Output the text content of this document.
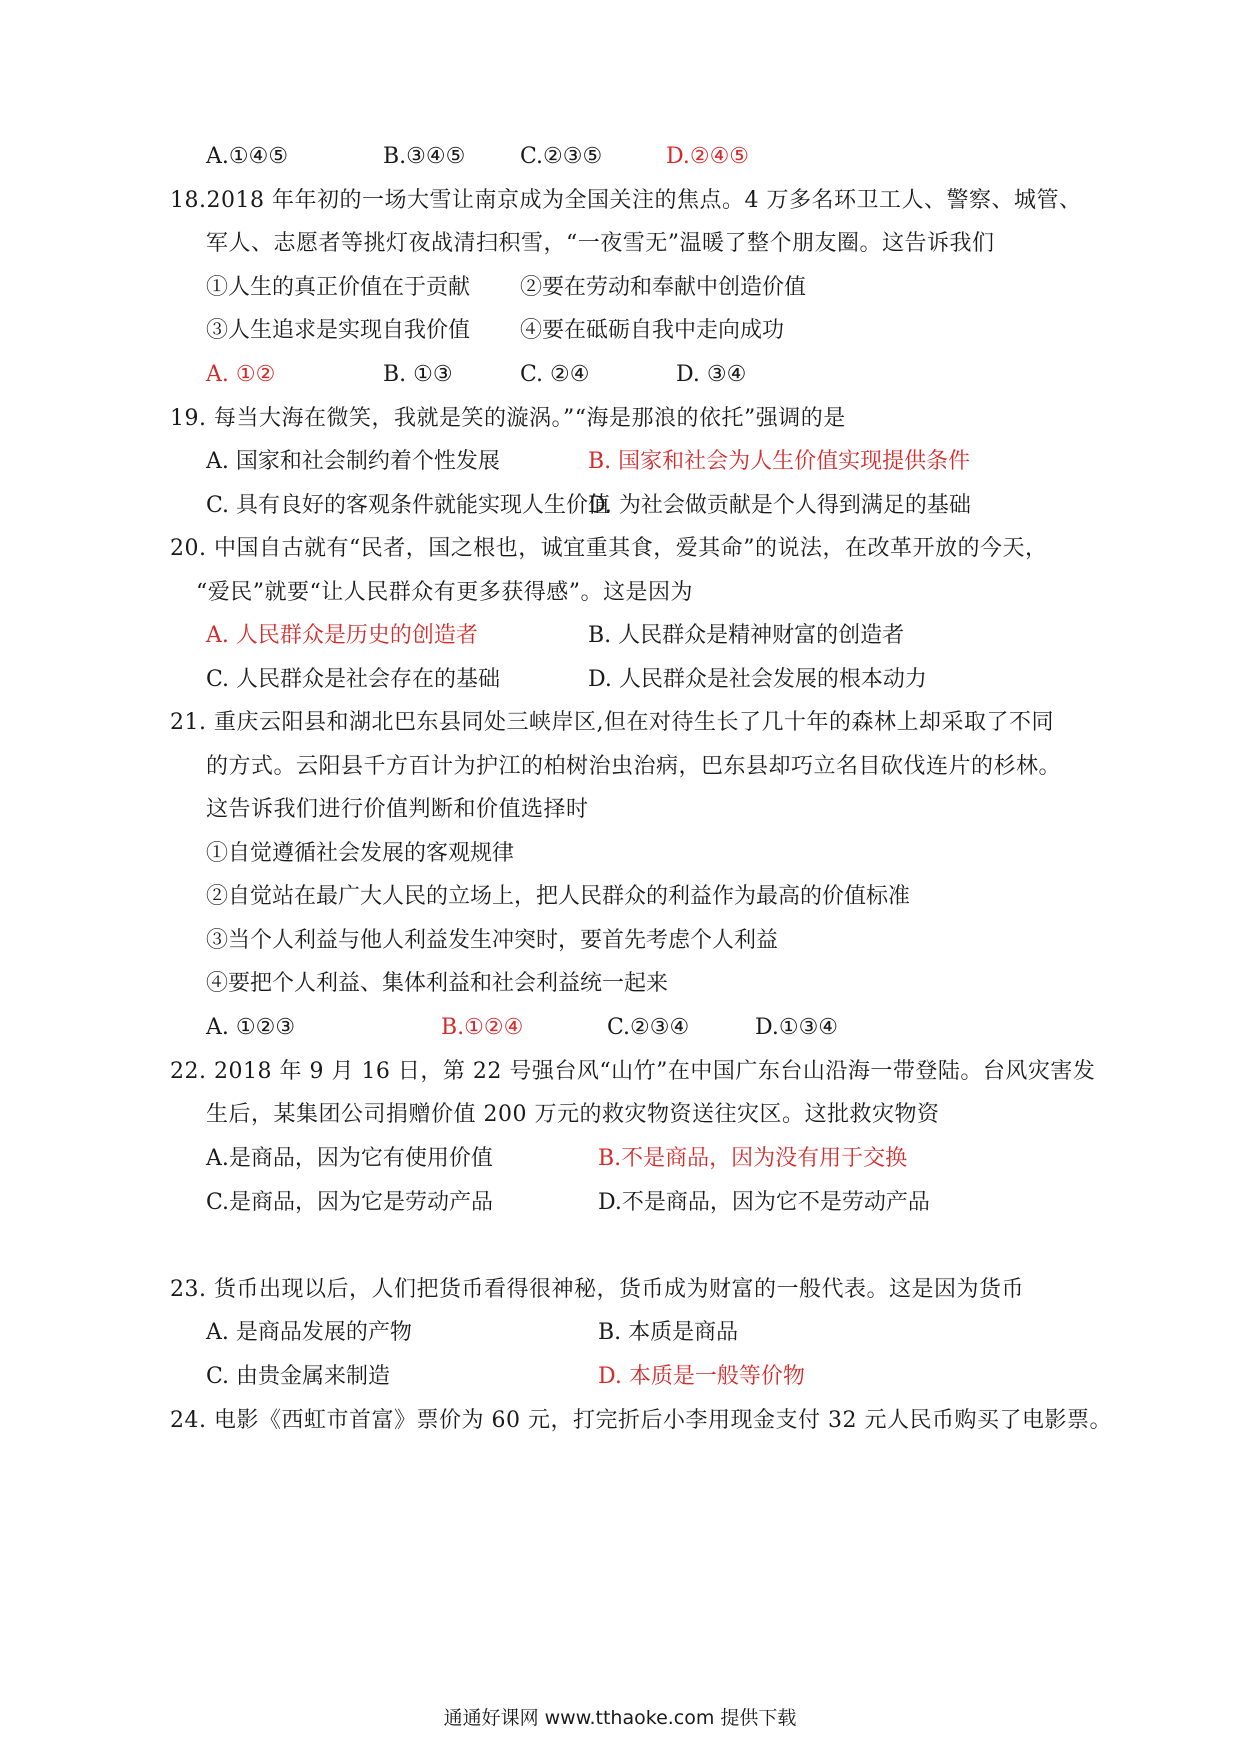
A.①④⑤	B.③④⑤ C.②③⑤	D.②④⑤
18.2018 年年初的一场大雪让南京成为全国关注的焦点。4 万多名环卫工人、警察、城管、
军人、志愿者等挑灯夜战清扫积雪，“一夜雪无”温暖了整个朋友圈。这告诉我们
①人生的真正价值在于贡献 ②要在劳动和奉献中创造价值
③人生追求是实现自我价值 ④要在砥砺自我中走向成功
A. ①②	B. ①③	C. ②④	D. ③④
19. 每当大海在微笑，我就是笑的漩涡。”“海是那浪的依托”强调的是
A. 国家和社会制约着个性发展	B. 国家和社会为人生价值实现提供条件
C. 具有良好的客观条件就能实现人生价值
D. 为社会做贡献是个人得到满足的基础
20. 中国自古就有“民者，国之根也，诚宜重其食，爱其命”的说法，在改革开放的今天，
“爱民”就要“让人民群众有更多获得感”。这是因为
A. 人民群众是历史的创造者	B. 人民群众是精神财富的创造者
C. 人民群众是社会存在的基础	D. 人民群众是社会发展的根本动力
21. 重庆云阳县和湖北巴东县同处三峡岸区,但在对待生长了几十年的森林上却采取了不同
的方式。云阳县千方百计为护江的柏树治虫治病，巴东县却巧立名目砍伐连片的杉林。
这告诉我们进行价值判断和价值选择时
①自觉遵循社会发展的客观规律
②自觉站在最广大人民的立场上，把人民群众的利益作为最高的价值标准
③当个人利益与他人利益发生冲突时，要首先考虑个人利益
④要把个人利益、集体利益和社会利益统一起来
A. ①②③	B.①②④	C.②③④	D.①③④
22. 2018 年 9 月 16 日，第 22 号强台风“山竹”在中国广东台山沿海一带登陆。台风灾害发
生后，某集团公司捐赠价值 200 万元的救灾物资送往灾区。这批救灾物资
A.是商品，因为它有使用价值	B.不是商品，因为没有用于交换
C.是商品，因为它是劳动产品	D.不是商品，因为它不是劳动产品
23. 货币出现以后，人们把货币看得很神秘，货币成为财富的一般代表。这是因为货币
A. 是商品发展的产物	B. 本质是商品
C. 由贵金属来制造	D. 本质是一般等价物
24. 电影《西虹市首富》票价为 60 元，打完折后小李用现金支付 32 元人民币购买了电影票。
通通好课网 www.tthaoke.com 提供下载
